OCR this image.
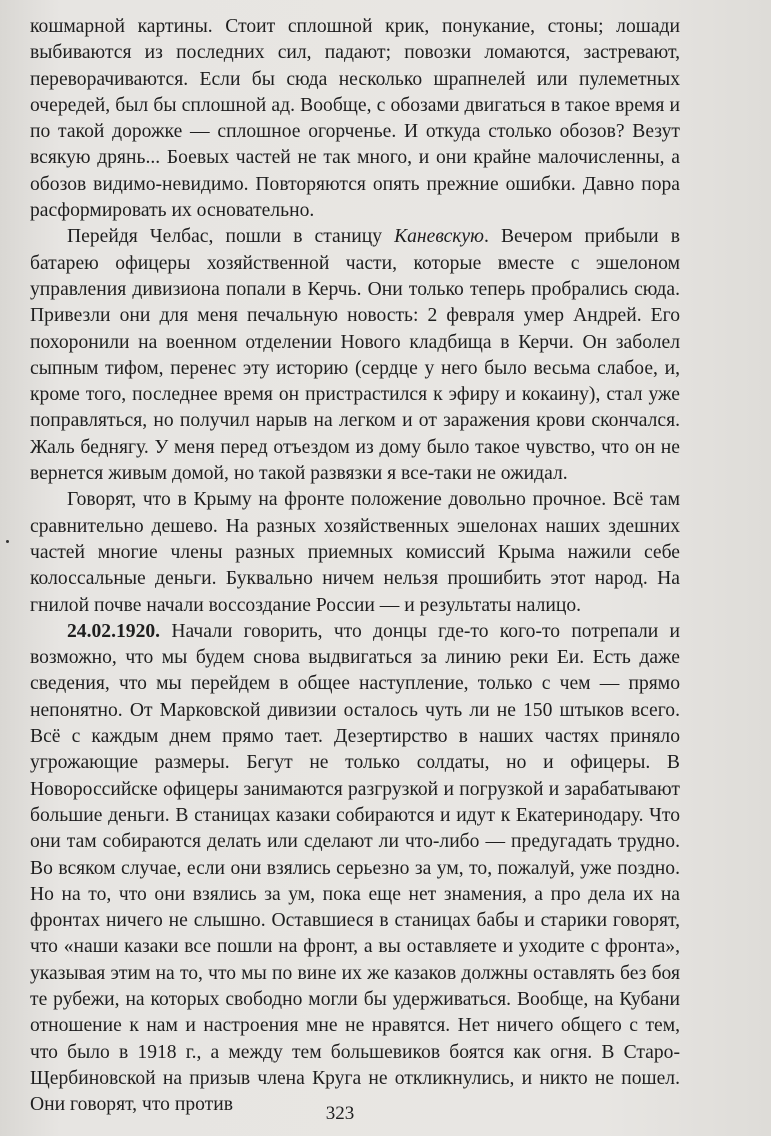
кошмарной картины. Стоит сплошной крик, понукание, стоны; лошади выбиваются из последних сил, падают; повозки ломаются, застревают, переворачиваются. Если бы сюда несколько шрапнелей или пулеметных очередей, был бы сплошной ад. Вообще, с обозами двигаться в такое время и по такой дорожке — сплошное огорченье. И откуда столько обозов? Везут всякую дрянь... Боевых частей не так много, и они крайне малочисленны, а обозов видимо-невидимо. Повторяются опять прежние ошибки. Давно пора расформировать их основательно.

Перейдя Челбас, пошли в станицу Каневскую. Вечером прибыли в батарею офицеры хозяйственной части, которые вместе с эшелоном управления дивизиона попали в Керчь. Они только теперь пробрались сюда. Привезли они для меня печальную новость: 2 февраля умер Андрей. Его похоронили на военном отделении Нового кладбища в Керчи. Он заболел сыпным тифом, перенес эту историю (сердце у него было весьма слабое, и, кроме того, последнее время он пристрастился к эфиру и кокаину), стал уже поправляться, но получил нарыв на легком и от заражения крови скончался. Жаль беднягу. У меня перед отъездом из дому было такое чувство, что он не вернется живым домой, но такой развязки я все-таки не ожидал.

Говорят, что в Крыму на фронте положение довольно прочное. Всё там сравнительно дешево. На разных хозяйственных эшелонах наших здешних частей многие члены разных приемных комиссий Крыма нажили себе колоссальные деньги. Буквально ничем нельзя прошибить этот народ. На гнилой почве начали воссоздание России — и результаты налицо.

24.02.1920. Начали говорить, что донцы где-то кого-то потрепали и возможно, что мы будем снова выдвигаться за линию реки Еи. Есть даже сведения, что мы перейдем в общее наступление, только с чем — прямо непонятно. От Марковской дивизии осталось чуть ли не 150 штыков всего. Всё с каждым днем прямо тает. Дезертирство в наших частях приняло угрожающие размеры. Бегут не только солдаты, но и офицеры. В Новороссийске офицеры занимаются разгрузкой и погрузкой и зарабатывают большие деньги. В станицах казаки собираются и идут к Екатеринодару. Что они там собираются делать или сделают ли что-либо — предугадать трудно. Во всяком случае, если они взялись серьезно за ум, то, пожалуй, уже поздно. Но на то, что они взялись за ум, пока еще нет знамения, а про дела их на фронтах ничего не слышно. Оставшиеся в станицах бабы и старики говорят, что «наши казаки все пошли на фронт, а вы оставляете и уходите с фронта», указывая этим на то, что мы по вине их же казаков должны оставлять без боя те рубежи, на которых свободно могли бы удерживаться. Вообще, на Кубани отношение к нам и настроения мне не нравятся. Нет ничего общего с тем, что было в 1918 г., а между тем большевиков боятся как огня. В Старо-Щербиновской на призыв члена Круга не откликнулись, и никто не пошел. Они говорят, что против	323
